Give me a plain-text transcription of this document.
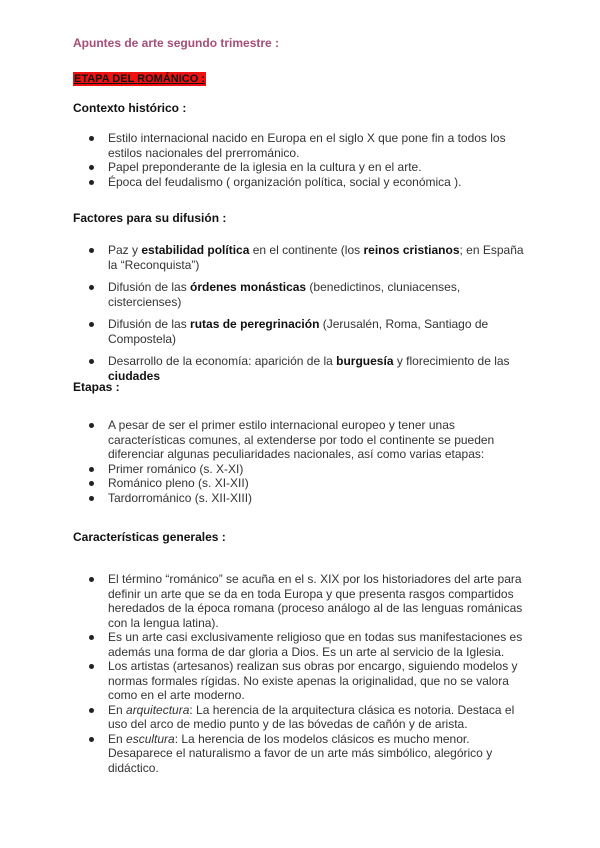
Apuntes de arte segundo trimestre :
ETAPA DEL ROMÁNICO :
Contexto histórico :
Estilo internacional nacido en Europa en el siglo X que pone fin a todos los estilos nacionales del prerrománico.
Papel preponderante de la iglesia en la cultura y en el arte.
Época del feudalismo ( organización política, social y económica ).
Factores para su difusión :
Paz y estabilidad política en el continente (los reinos cristianos; en España la “Reconquista”)
Difusión de las órdenes monásticas (benedictinos, cluniacenses, cistercienses)
Difusión de las rutas de peregrinación (Jerusalén, Roma, Santiago de Compostela)
Desarrollo de la economía: aparición de la burguesía y florecimiento de las ciudades
Etapas :
A pesar de ser el primer estilo internacional europeo y tener unas características comunes, al extenderse por todo el continente se pueden diferenciar algunas peculiaridades nacionales, así como varias etapas:
Primer románico (s. X-XI)
Románico pleno (s. XI-XII)
Tardorrománico (s. XII-XIII)
Características generales :
El término “románico” se acuña en el s. XIX por los historiadores del arte para definir un arte que se da en toda Europa y que presenta rasgos compartidos heredados de la época romana (proceso análogo al de las lenguas románicas con la lengua latina).
Es un arte casi exclusivamente religioso que en todas sus manifestaciones es además una forma de dar gloria a Dios. Es un arte al servicio de la Iglesia.
Los artistas (artesanos) realizan sus obras por encargo, siguiendo modelos y normas formales rígidas. No existe apenas la originalidad, que no se valora como en el arte moderno.
En arquitectura: La herencia de la arquitectura clásica es notoria. Destaca el uso del arco de medio punto y de las bóvedas de cañón y de arista.
En escultura: La herencia de los modelos clásicos es mucho menor. Desaparece el naturalismo a favor de un arte más simbólico, alegórico y didáctico.
